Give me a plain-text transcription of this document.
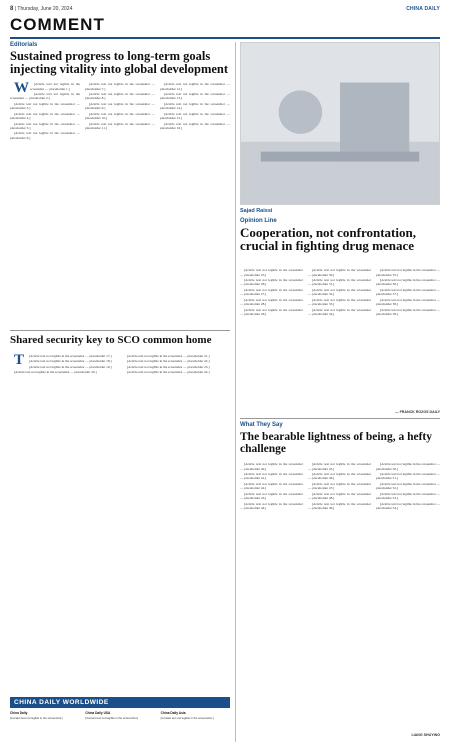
8 | Thursday, June 20, 2024	CHINA DAILY
COMMENT
Editorials
Sustained progress to long-term goals injecting vitality into global development

W [Article text not legible in the screenshot — placeholder 1.]

[Article text not legible in the screenshot — placeholder 2.]

[Article text not legible in the screenshot — placeholder 3.]

[Article text not legible in the screenshot — placeholder 4.]

[Article text not legible in the screenshot — placeholder 5.]

[Article text not legible in the screenshot — placeholder 6.]

[Article text not legible in the screenshot — placeholder 7.]

[Article text not legible in the screenshot — placeholder 8.]

[Article text not legible in the screenshot — placeholder 9.]

[Article text not legible in the screenshot — placeholder 10.]

[Article text not legible in the screenshot — placeholder 11.]

[Article text not legible in the screenshot — placeholder 12.]

[Article text not legible in the screenshot — placeholder 13.]

[Article text not legible in the screenshot — placeholder 14.]

[Article text not legible in the screenshot — placeholder 15.]

[Article text not legible in the screenshot — placeholder 16.]

Shared security key to SCO common home

T [Article text not legible in the screenshot — placeholder 17.]

[Article text not legible in the screenshot — placeholder 18.]

[Article text not legible in the screenshot — placeholder 19.]

[Article text not legible in the screenshot — placeholder 20.]

[Article text not legible in the screenshot — placeholder 21.]

[Article text not legible in the screenshot — placeholder 22.]

[Article text not legible in the screenshot — placeholder 23.]

[Article text not legible in the screenshot — placeholder 24.]

CHINA DAILY WORLDWIDE
China Daily
[Contact text not legible in the screenshot.]
China Daily USA
[Contact text not legible in the screenshot.]
China Daily Asia
[Contact text not legible in the screenshot.]
Sajad Raissi
Opinion Line
Cooperation, not confrontation, crucial in fighting drug menace

[Article text not legible in the screenshot — placeholder 25.]

[Article text not legible in the screenshot — placeholder 26.]

[Article text not legible in the screenshot — placeholder 27.]

[Article text not legible in the screenshot — placeholder 28.]

[Article text not legible in the screenshot — placeholder 29.]

[Article text not legible in the screenshot — placeholder 30.]

[Article text not legible in the screenshot — placeholder 31.]

[Article text not legible in the screenshot — placeholder 32.]

[Article text not legible in the screenshot — placeholder 33.]

[Article text not legible in the screenshot — placeholder 34.]

[Article text not legible in the screenshot — placeholder 35.]

[Article text not legible in the screenshot — placeholder 36.]

[Article text not legible in the screenshot — placeholder 37.]

[Article text not legible in the screenshot — placeholder 38.]

[Article text not legible in the screenshot — placeholder 39.]

— FRANCK ROZOS DAILY
What They Say
The bearable lightness of being, a hefty challenge

[Article text not legible in the screenshot — placeholder 40.]

[Article text not legible in the screenshot — placeholder 41.]

[Article text not legible in the screenshot — placeholder 42.]

[Article text not legible in the screenshot — placeholder 43.]

[Article text not legible in the screenshot — placeholder 44.]

[Article text not legible in the screenshot — placeholder 45.]

[Article text not legible in the screenshot — placeholder 46.]

[Article text not legible in the screenshot — placeholder 47.]

[Article text not legible in the screenshot — placeholder 48.]

[Article text not legible in the screenshot — placeholder 49.]

[Article text not legible in the screenshot — placeholder 50.]

[Article text not legible in the screenshot — placeholder 51.]

[Article text not legible in the screenshot — placeholder 52.]

[Article text not legible in the screenshot — placeholder 53.]

[Article text not legible in the screenshot — placeholder 54.]

LIANG SHUYING
